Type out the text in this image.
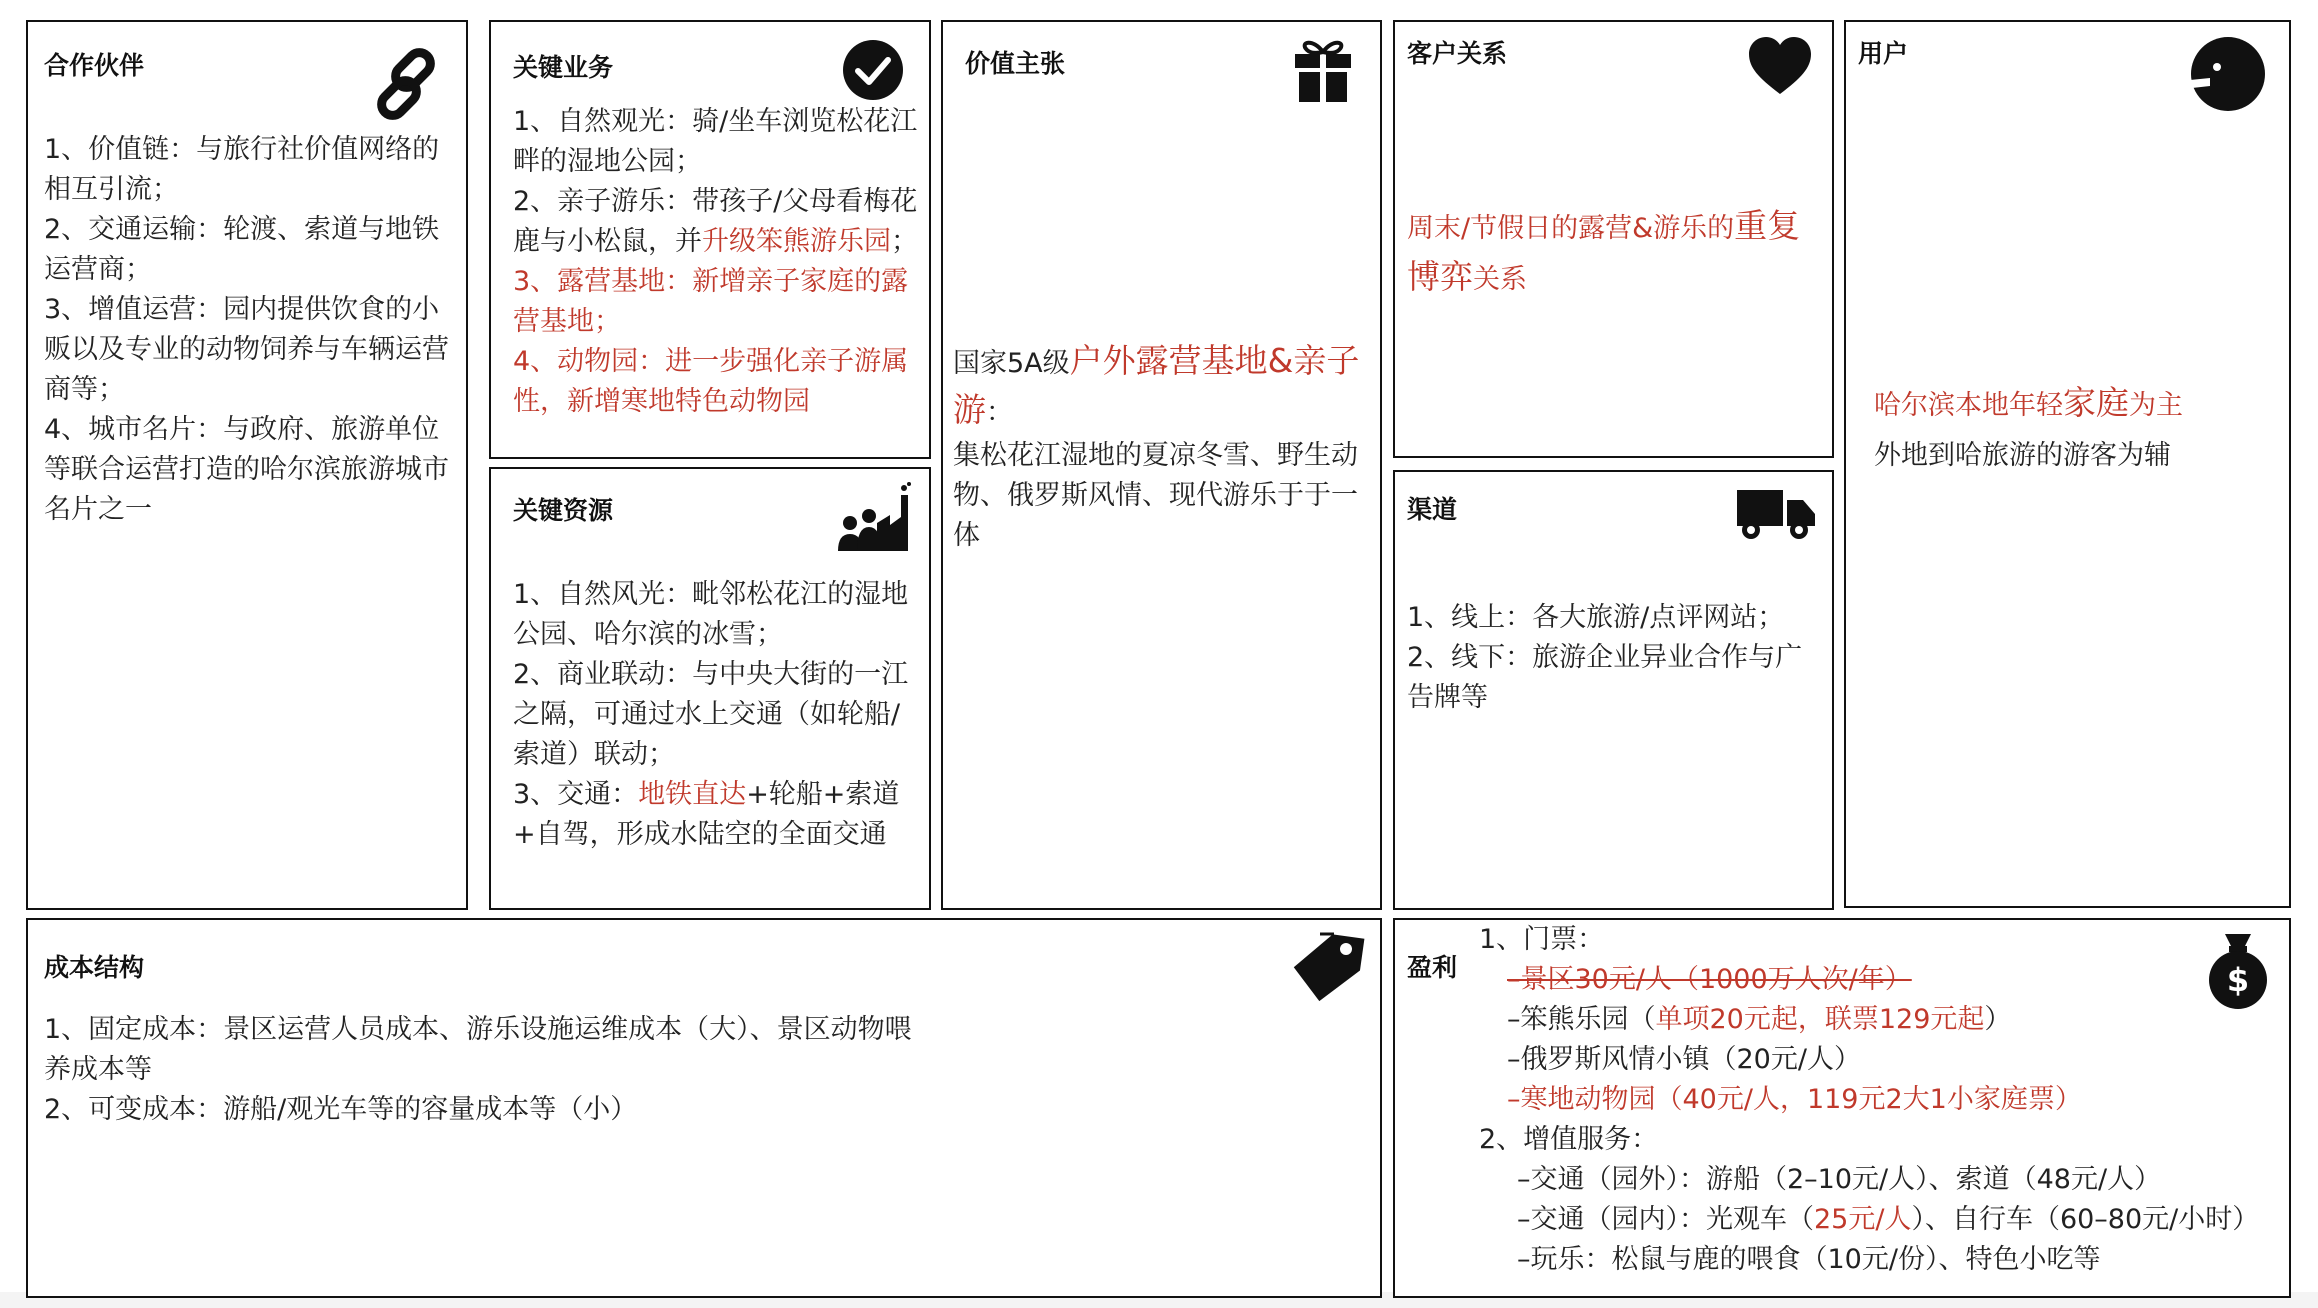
合作伙伴
1、价值链：与旅行社价值网络的相互引流；
2、交通运输：轮渡、索道与地铁运营商；
3、增值运营：园内提供饮食的小贩以及专业的动物饲养与车辆运营商等；
4、城市名片：与政府、旅游单位等联合运营打造的哈尔滨旅游城市名片之一
关键业务
1、自然观光：骑/坐车浏览松花江畔的湿地公园；
2、亲子游乐：带孩子/父母看梅花鹿与小松鼠，并升级笨熊游乐园；
3、露营基地：新增亲子家庭的露营基地；
4、动物园：进一步强化亲子游属性，新增寒地特色动物园
关键资源
1、自然风光：毗邻松花江的湿地公园、哈尔滨的冰雪；
2、商业联动：与中央大街的一江之隔，可通过水上交通（如轮船/索道）联动；
3、交通：地铁直达+轮船+索道+自驾，形成水陆空的全面交通
价值主张
国家5A级户外露营基地&亲子游：
集松花江湿地的夏凉冬雪、野生动物、俄罗斯风情、现代游乐于于一体
客户关系
周末/节假日的露营&游乐的重复博弈关系
渠道
1、线上：各大旅游/点评网站；
2、线下：旅游企业异业合作与广告牌等
用户
哈尔滨本地年轻家庭为主
外地到哈旅游的游客为辅
成本结构
1、固定成本：景区运营人员成本、游乐设施运维成本（大）、景区动物喂养成本等
2、可变成本：游船/观光车等的容量成本等（小）
盈利	$
1、门票：
–景区30元/人（1000万人次/年）
–笨熊乐园（单项20元起，联票129元起）
–俄罗斯风情小镇（20元/人）
–寒地动物园（40元/人，119元2大1小家庭票）
2、增值服务：
–交通（园外）：游船（2–10元/人）、索道（48元/人）
–交通（园内）：光观车（25元/人）、自行车（60–80元/小时）
–玩乐：松鼠与鹿的喂食（10元/份）、特色小吃等
